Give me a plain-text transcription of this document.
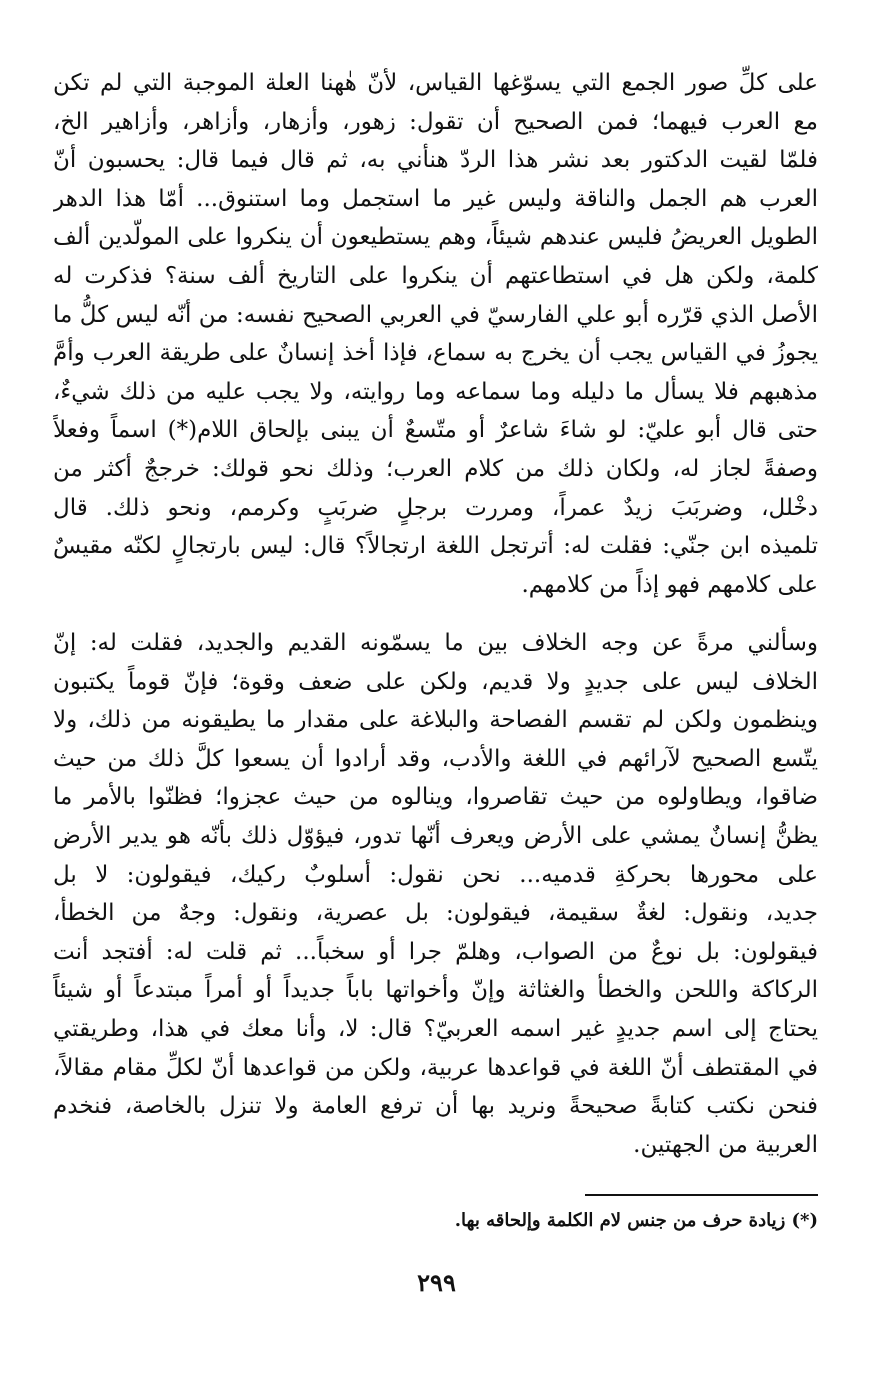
على كلِّ صور الجمع التي يسوّغها القياس، لأنّ هٰهنا العلة الموجبة التي لم تكن
مع العرب فيهما؛ فمن الصحيح أن تقول: زهور، وأزهار، وأزاهر، وأزاهير الخ،
فلمّا لقيت الدكتور بعد نشر هذا الردّ هنأني به، ثم قال فيما قال: يحسبون أنّ
العرب هم الجمل والناقة وليس غير ما استجمل وما استنوق... أمّا هذا الدهر
الطويل العريضُ فليس عندهم شيئاً، وهم يستطيعون أن ينكروا على المولّدين ألف
كلمة، ولكن هل في استطاعتهم أن ينكروا على التاريخ ألف سنة؟ فذكرت له
الأصل الذي قرّره أبو علي الفارسيّ في العربي الصحيح نفسه: من أنّه ليس كلُّ ما
يجوزُ في القياس يجب أن يخرج به سماع، فإذا أخذ إنسانٌ على طريقة العرب وأمَّ
مذهبهم فلا يسأل ما دليله وما سماعه وما روايته، ولا يجب عليه من ذلك شيءٌ،
حتى قال أبو عليّ: لو شاءَ شاعرٌ أو متّسعٌ أن يبنى بإلحاق اللام(*) اسماً وفعلاً
وصفةً لجاز له، ولكان ذلك من كلام العرب؛ وذلك نحو قولك: خرججٌ أكثر من
دخْلل، وضربَبَ زيدٌ عمراً، ومررت برجلٍ ضربَبٍ وكرمم، ونحو ذلك. قال
تلميذه ابن جنّي: فقلت له: أترتجل اللغة ارتجالاً؟ قال: ليس بارتجالٍ لكنّه مقيسٌ
على كلامهم فهو إذاً من كلامهم.
وسألني مرةً عن وجه الخلاف بين ما يسمّونه القديم والجديد، فقلت له: إنّ
الخلاف ليس على جديدٍ ولا قديم، ولكن على ضعف وقوة؛ فإنّ قوماً يكتبون
وينظمون ولكن لم تقسم الفصاحة والبلاغة على مقدار ما يطيقونه من ذلك، ولا
يتّسع الصحيح لآرائهم في اللغة والأدب، وقد أرادوا أن يسعوا كلَّ ذلك من حيث
ضاقوا، ويطاولوه من حيث تقاصروا، وينالوه من حيث عجزوا؛ فظنّوا بالأمر ما
يظنُّ إنسانٌ يمشي على الأرض ويعرف أنّها تدور، فيؤوّل ذلك بأنّه هو يدير الأرض
على محورها بحركةِ قدميه... نحن نقول: أسلوبٌ ركيك، فيقولون: لا بل
جديد، ونقول: لغةٌ سقيمة، فيقولون: بل عصرية، ونقول: وجهٌ من الخطأ،
فيقولون: بل نوعٌ من الصواب، وهلمّ جرا أو سخباً... ثم قلت له: أفتجد أنت
الركاكة واللحن والخطأ والغثاثة وإنّ وأخواتها باباً جديداً أو أمراً مبتدعاً أو شيئاً
يحتاج إلى اسم جديدٍ غير اسمه العربيّ؟ قال: لا، وأنا معك في هذا، وطريقتي
في المقتطف أنّ اللغة في قواعدها عربية، ولكن من قواعدها أنّ لكلِّ مقام مقالاً،
فنحن نكتب كتابةً صحيحةً ونريد بها أن ترفع العامة ولا تنزل بالخاصة، فنخدم
العربية من الجهتين.
(*) زيادة حرف من جنس لام الكلمة وإلحاقه بها.
٢٩٩
